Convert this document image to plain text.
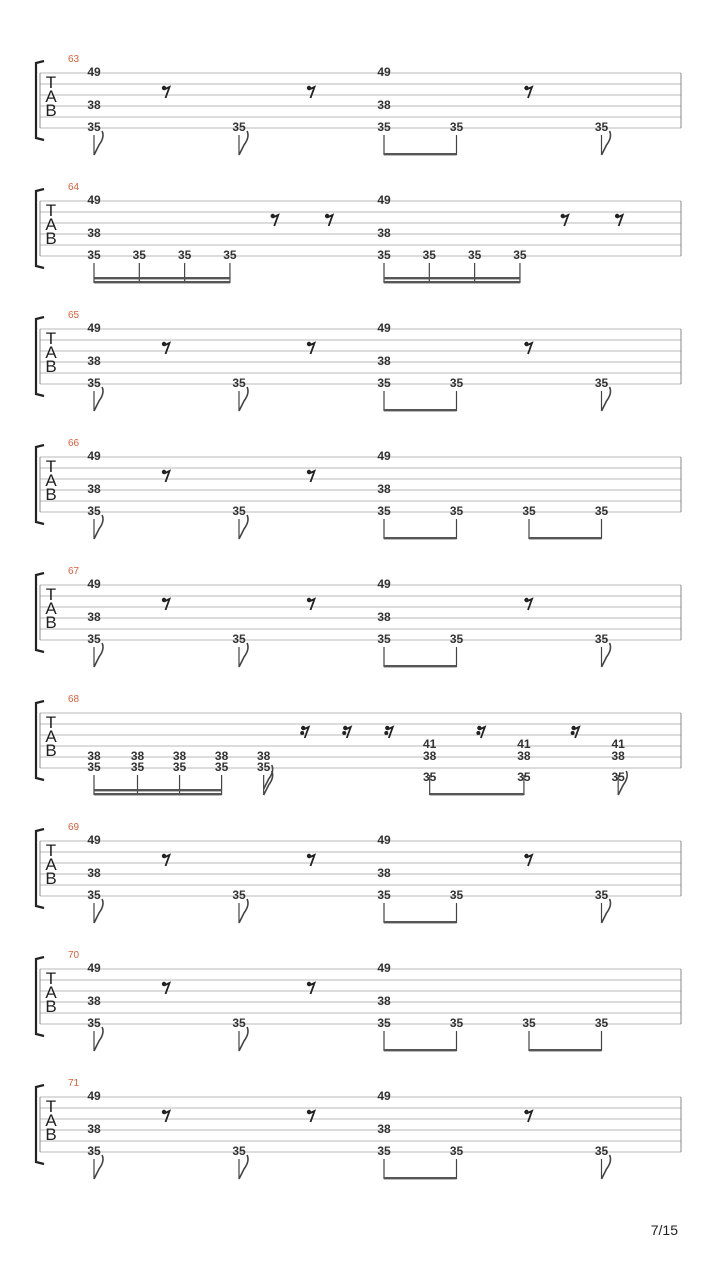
63
T
A
B
49
38
35	35
49
38
35	35	35
64
T
A
B
49
38
35	35	35	35
49
38
35	35	35	35
65
T
A
B
49
38
35	35
49
38
35	35	35
66
T
A
B
49
38
35	35
49
38
35	35	35	35
67
T
A
B
49
38
35	35
49
38
35	35	35
68
T
A
B	38
35
38
35
38
35
38
35
38
35
41
38
35
41
38
35
41
38
35
69
T
A
B
49
38
35	35
49
38
35	35	35
70
T
A
B
49
38
35	35
49
38
35	35	35	35
71
T
A
B
49
38
35	35
49
38
35	35	35
7/15
